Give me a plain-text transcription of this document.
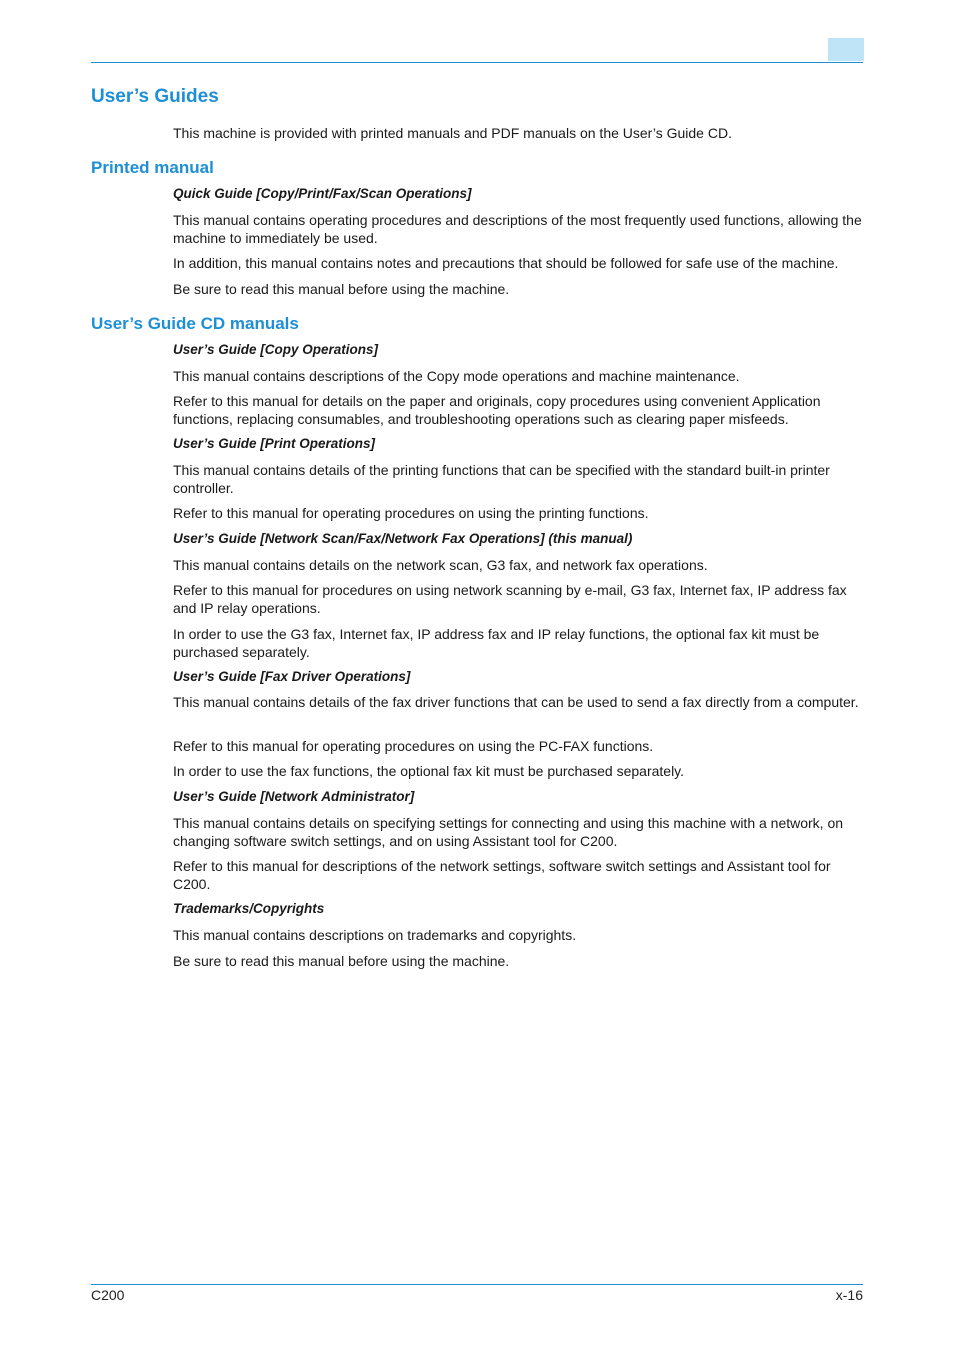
User’s Guides

This machine is provided with printed manuals and PDF manuals on the User’s Guide CD.

Printed manual
Quick Guide [Copy/Print/Fax/Scan Operations]

This manual contains operating procedures and descriptions of the most frequently used functions, allowing the machine to immediately be used.

In addition, this manual contains notes and precautions that should be followed for safe use of the machine.

Be sure to read this manual before using the machine.

User’s Guide CD manuals
User’s Guide [Copy Operations]

This manual contains descriptions of the Copy mode operations and machine maintenance.

Refer to this manual for details on the paper and originals, copy procedures using convenient Application functions, replacing consumables, and troubleshooting operations such as clearing paper misfeeds.

User’s Guide [Print Operations]

This manual contains details of the printing functions that can be specified with the standard built-in printer controller.

Refer to this manual for operating procedures on using the printing functions.

User’s Guide [Network Scan/Fax/Network Fax Operations] (this manual)

This manual contains details on the network scan, G3 fax, and network fax operations.

Refer to this manual for procedures on using network scanning by e-mail, G3 fax, Internet fax, IP address fax and IP relay operations.

In order to use the G3 fax, Internet fax, IP address fax and IP relay functions, the optional fax kit must be purchased separately.

User’s Guide [Fax Driver Operations]

This manual contains details of the fax driver functions that can be used to send a fax directly from a computer.

Refer to this manual for operating procedures on using the PC-FAX functions.

In order to use the fax functions, the optional fax kit must be purchased separately.

User’s Guide [Network Administrator]

This manual contains details on specifying settings for connecting and using this machine with a network, on changing software switch settings, and on using Assistant tool for C200.

Refer to this manual for descriptions of the network settings, software switch settings and Assistant tool for C200.

Trademarks/Copyrights

This manual contains descriptions on trademarks and copyrights.

Be sure to read this manual before using the machine.

C200	x-16
